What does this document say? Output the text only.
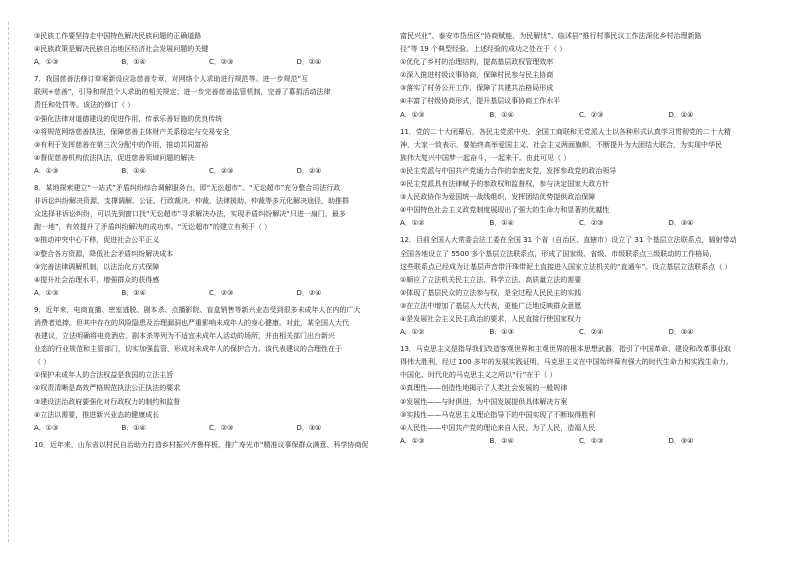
③民族工作要坚持走中国特色解决民族问题的正确道路
④民族政策是解决民族自治地区经济社会发展问题的关键
A．①③	B．①④	C．②③	D．②④
7．我国慈善法修订草案新设应急慈善专章，对网络个人求助进行规范等。进一步规范“互
联网+慈善”，引导和规范个人求助的相关规定；进一步完善慈善监管机制，完善了募捐活动法律
责任和处罚等。该法的修订（ ）
①强化法律对道德建设的促进作用，传承乐善好施的优良传统
②将规范网络慈善执法，保障慈善主体财产关系稳定与交易安全
③有利于发挥慈善在第三次分配中的作用，推动共同富裕
④督促慈善机构依法执法，促进慈善领域问题的解决
A．①③	B．①④	C．②③	D．②④
8．某地探索建立“一站式”矛盾纠纷综合调解服务台，即“无讼超市”。“无讼超市”充分整合司法行政
非诉讼纠纷解决资源，支撑调解、公证、行政裁决、仲裁、法律援助、仲裁等多元化解决途径，助推群
众选择非诉讼纠纷，可以先到窗口找“无讼超市”寻求解决办法，实现矛盾纠纷解决“只进一扇门，最多
跑一地”，有效提升了矛盾纠纷解决的成功率。“无讼超市”的建立有利于（ ）
①推动冲突中心下移，促进社会公平正义
②整合各方资源，降低社会矛盾纠纷解决成本
③完善法律调解机制，以法治化方式保障
④提升社会治理水平，增强群众的获得感
A．①③	B．①④	C．②③	D．②④
9．近年来，电商直播、密室逃脱、剧本杀、点播影院、盲盒销售等新兴业态受到很多未成年人在内的广大
消费者追捧。但其中存在的风险隐患及治理漏洞也严重影响未成年人的身心健康。对此，某全国人大代
表建议，立法明确将电竞酒店、剧本杀等列为不适宜未成年人活动的场所，并由相关部门出台新兴
业态的行业规范和主管部门，切实加强监管，形成对未成年人的保护合力。该代表建议的合理性在于
（ ）
①保护未成年人的合法权益是我国的立法主旨
②权责清晰是高效严格规范执法公正执法的要求
③建设法治政府要强化对行政权力的制约和监督
④立法以需要，推进新兴业态的健康成长
A．①③	B．①④	C．②③	D．③④
10．近年来，山东省以村民自治助力打造乡村振兴齐鲁样板，推广寿光市“精准议事保群众满意、科学协商促
富民兴业”、泰安市岱岳区“协商赋能、为民解忧”、临沭县“推行村事民议工作法深化乡村治理新路
径”等 19 个典型经验。上述经验的成功之处在于（ ）
①优化了乡村的治理结构，提高基层政权管理效率
②深入推进村级议事协商，保障村民参与民主协商
③落实了村务公开工作，保障了共建共治格局形成
④丰富了村级协商形式，提升基层议事协商工作水平
A．①③	B．①④	C．②③	D．②④
11．党的二十大闭幕后，各民主党派中央、全国工商联和无党派人士以各种形式认真学习贯彻党的二十大精
神，大家一致表示，要始终高举爱国主义、社会主义两面旗帜，不断提升为大团结大联合，为实现中华民
族伟大复兴中国梦一起奋斗、一起来干。由此可见（ ）
①民主党派与中国共产党通力合作的亲密友党，发挥参政党的政治领导
②民主党派具有法律赋予的参政权和监督权，参与决定国家大政方针
③人民政协作为爱国统一战线组织，发挥团结优势提供政治保障
④中国特色社会主义政党制度展现出了强大的生命力和显著的优越性
A．①②	B．①④	C．②③	D．③④
12．目前全国人大常委会法工委在全国 31 个省（自治区、直辖市）设立了 31 个基层立法联系点，辐射带动
全国各地设立了 5500 多个基层立法联系点，形成了国家级、省级、市级联系点三级联动的工作格局，
这些联系点已经成为让基层声音带汗珠带泥土直接进入国家立法机关的“直通车”。设立基层立法联系点（ ）
①顺应了立法机关民主立法、科学立法、高质量立法的需要
②体现了基层民众的立法参与权，是全过程人民民主的实践
③在立法中增加了基层人大代表，更能广泛地反映群众意愿
④是发展社会主义民主政治的要求，人民直接行使国家权力
A．①②	B．①③	C．②④	D．③④
13．马克思主义是指导我们改造客观世界和主观世界的根本思想武器，指引了中国革命、建设和改革事业取
得伟大胜利，经过 100 多年的发展实践证明，马克思主义在中国始终葆有强大的时代生命力和实践生命力。
中国化、时代化的马克思主义之所以“行”在于（ ）
①真理性——创造性地揭示了人类社会发展的一般规律
②发展性——与时俱进，为中国发展提供具体解决方案
③实践性——马克思主义理论指导下的中国实现了不断取得胜利
④人民性——中国共产党的理论来自人民，为了人民，造福人民
A．①③	B．①④	C．②③	D．③④
